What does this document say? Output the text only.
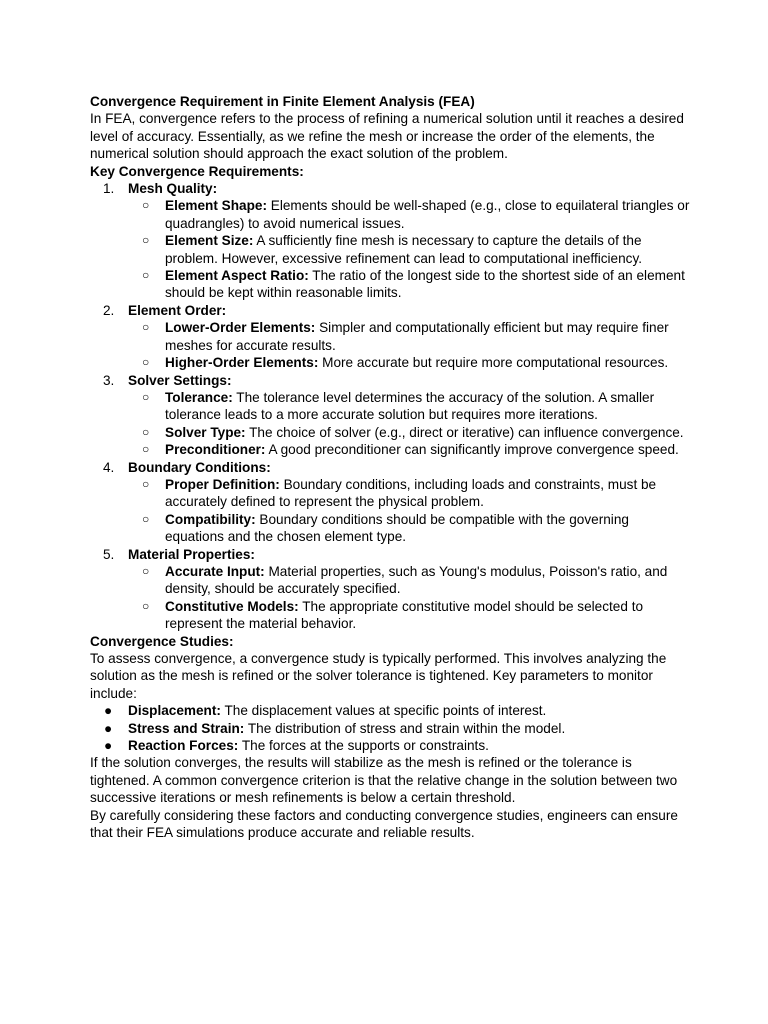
Convergence Requirement in Finite Element Analysis (FEA)

In FEA, convergence refers to the process of refining a numerical solution until it reaches a desired level of accuracy. Essentially, as we refine the mesh or increase the order of the elements, the numerical solution should approach the exact solution of the problem.

Key Convergence Requirements:

1. Mesh Quality:
○ Element Shape: Elements should be well-shaped (e.g., close to equilateral triangles or quadrangles) to avoid numerical issues.
○ Element Size: A sufficiently fine mesh is necessary to capture the details of the problem. However, excessive refinement can lead to computational inefficiency.
○ Element Aspect Ratio: The ratio of the longest side to the shortest side of an element should be kept within reasonable limits.
2. Element Order:
○ Lower-Order Elements: Simpler and computationally efficient but may require finer meshes for accurate results.
○ Higher-Order Elements: More accurate but require more computational resources.
3. Solver Settings:
○ Tolerance: The tolerance level determines the accuracy of the solution. A smaller tolerance leads to a more accurate solution but requires more iterations.
○ Solver Type: The choice of solver (e.g., direct or iterative) can influence convergence.
○ Preconditioner: A good preconditioner can significantly improve convergence speed.
4. Boundary Conditions:
○ Proper Definition: Boundary conditions, including loads and constraints, must be accurately defined to represent the physical problem.
○ Compatibility: Boundary conditions should be compatible with the governing equations and the chosen element type.
5. Material Properties:
○ Accurate Input: Material properties, such as Young's modulus, Poisson's ratio, and density, should be accurately specified.
○ Constitutive Models: The appropriate constitutive model should be selected to represent the material behavior.

Convergence Studies:

To assess convergence, a convergence study is typically performed. This involves analyzing the solution as the mesh is refined or the solver tolerance is tightened. Key parameters to monitor include:

● Displacement: The displacement values at specific points of interest.
● Stress and Strain: The distribution of stress and strain within the model.
● Reaction Forces: The forces at the supports or constraints.

If the solution converges, the results will stabilize as the mesh is refined or the tolerance is tightened. A common convergence criterion is that the relative change in the solution between two successive iterations or mesh refinements is below a certain threshold.

By carefully considering these factors and conducting convergence studies, engineers can ensure that their FEA simulations produce accurate and reliable results.
